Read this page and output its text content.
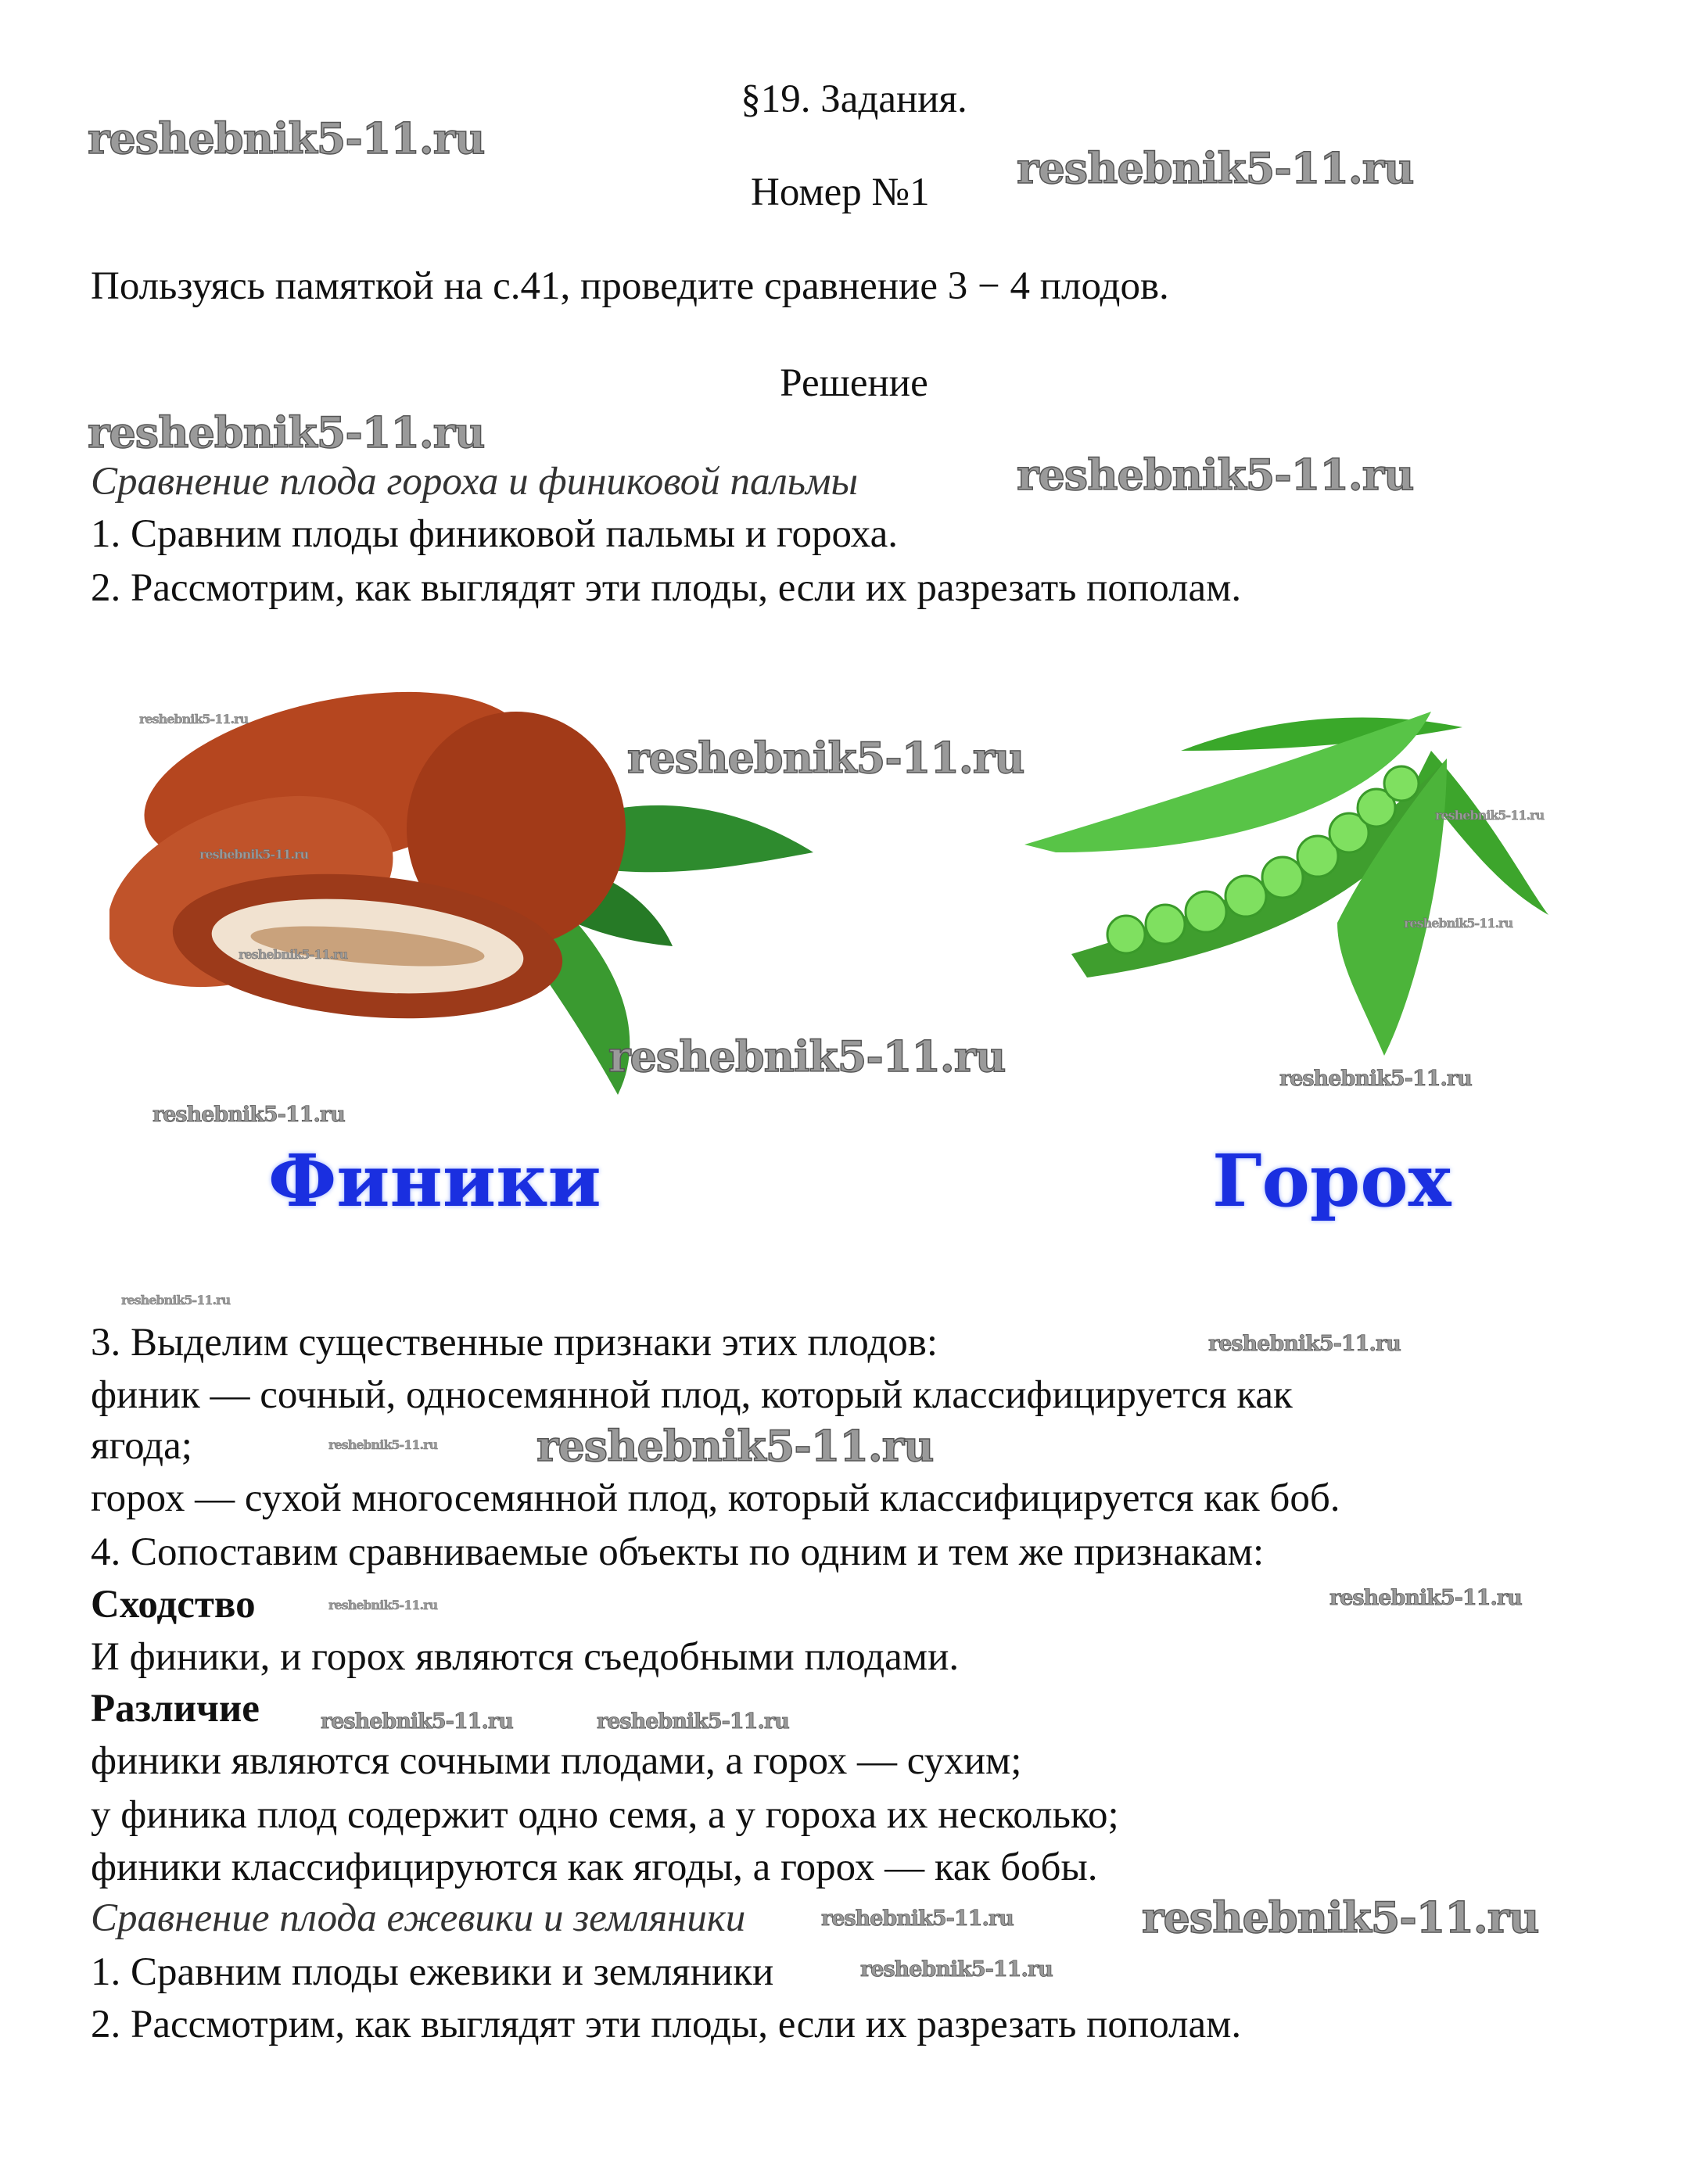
§19. Задания.
Номер №1
Пользуясь памяткой на с.41, проведите сравнение 3 − 4 плодов.
Решение
Сравнение плода гороха и финиковой пальмы
1. Сравним плоды финиковой пальмы и гороха.
2. Рассмотрим, как выглядят эти плоды, если их разрезать пополам.
Финики	Горох
3. Выделим существенные признаки этих плодов:
финик — сочный, односемянной плод, который классифицируется как
ягода;
горох — сухой многосемянной плод, который классифицируется как боб.
4. Сопоставим сравниваемые объекты по одним и тем же признакам:
Сходство
И финики, и горох являются съедобными плодами.
Различие
финики являются сочными плодами, а горох — сухим;
у финика плод содержит одно семя, а у гороха их несколько;
финики классифицируются как ягоды, а горох — как бобы.
Сравнение плода ежевики и земляники
1. Сравним плоды ежевики и земляники
2. Рассмотрим, как выглядят эти плоды, если их разрезать пополам.
reshebnik5-11.ru
reshebnik5-11.ru
reshebnik5-11.ru
reshebnik5-11.ru
reshebnik5-11.ru
reshebnik5-11.ru
reshebnik5-11.ru
reshebnik5-11.ru
reshebnik5-11.ru
reshebnik5-11.ru
reshebnik5-11.ru
reshebnik5-11.ru
reshebnik5-11.ru
reshebnik5-11.ru
reshebnik5-11.ru
reshebnik5-11.ru
reshebnik5-11.ru
reshebnik5-11.ru
reshebnik5-11.ru
reshebnik5-11.ru
reshebnik5-11.ru
reshebnik5-11.ru
reshebnik5-11.ru
reshebnik5-11.ru
